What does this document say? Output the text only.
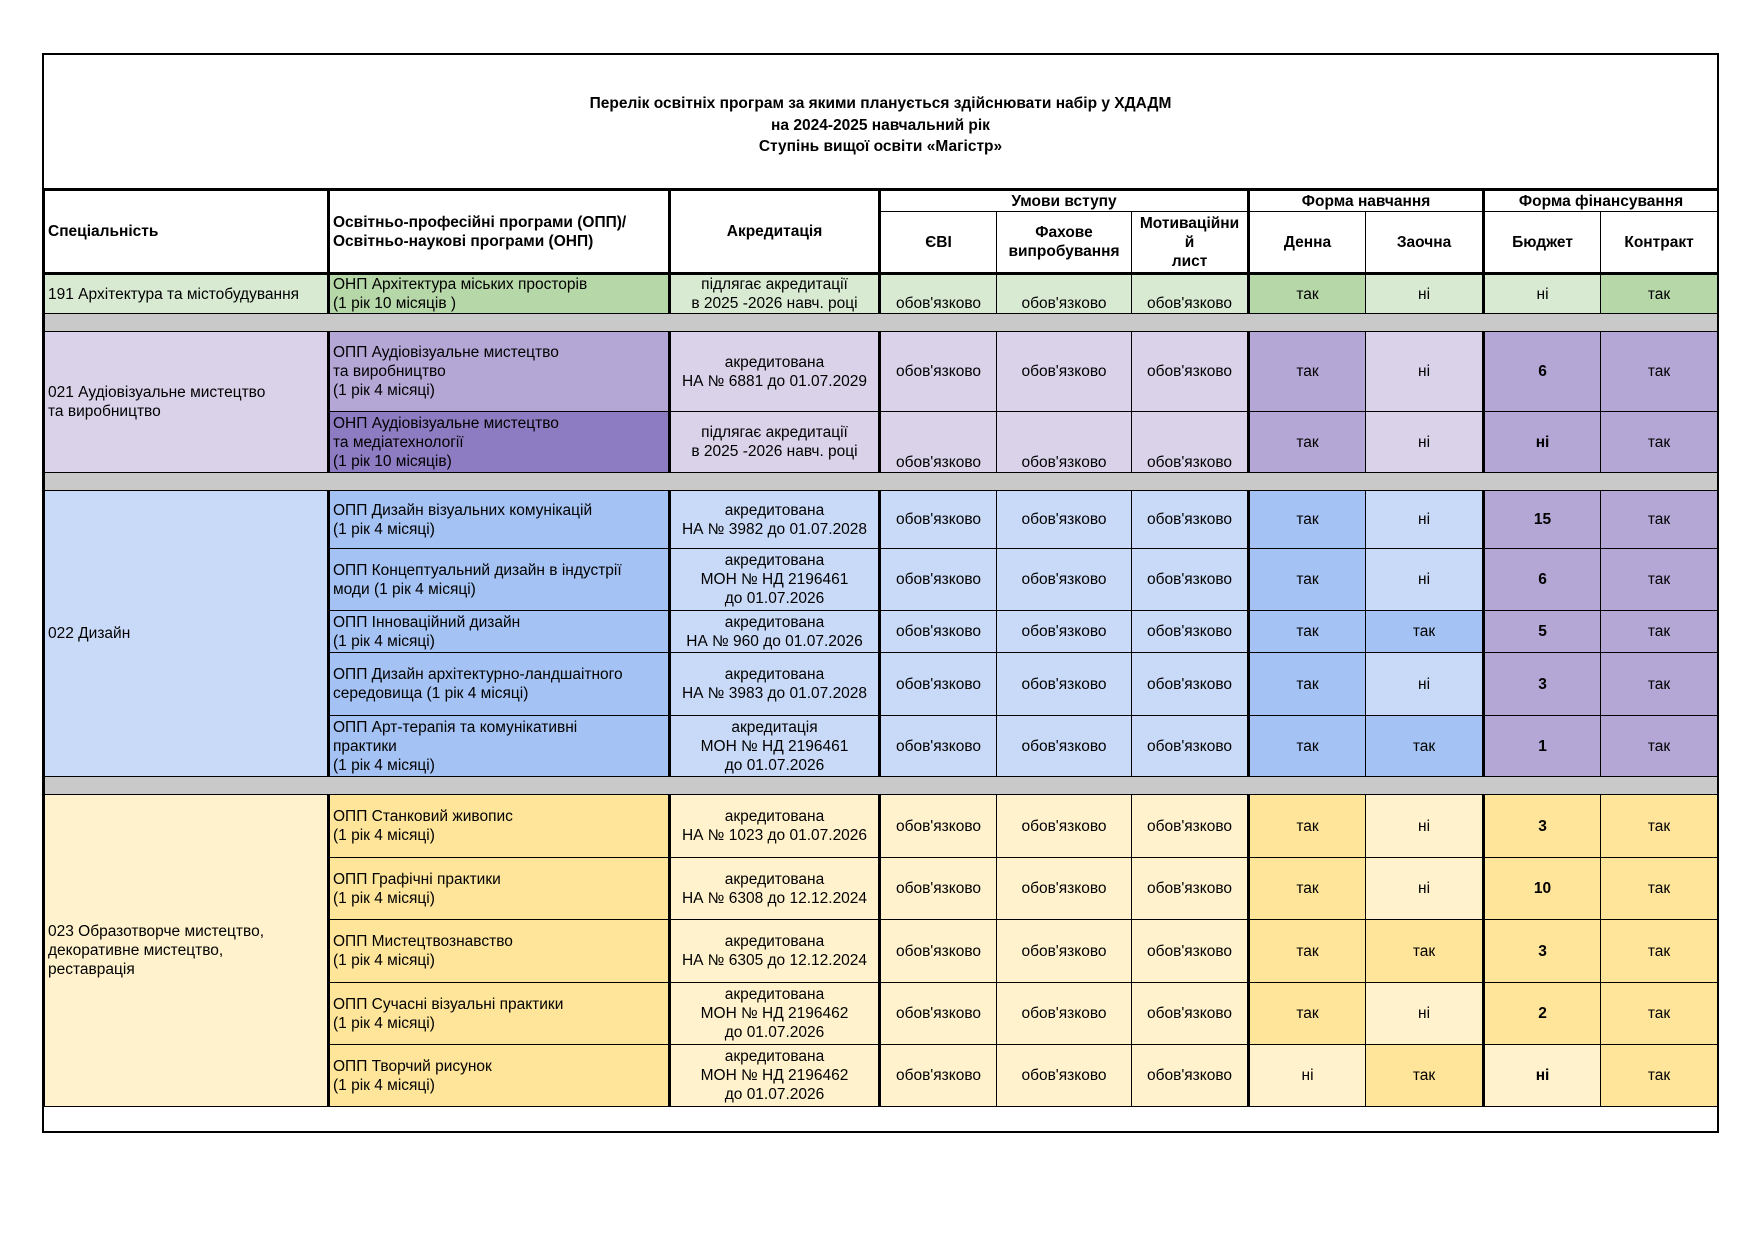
Перелік освітніх програм за якими планується здійснювати набір у ХДАДМ
на 2024-2025 навчальний рік
Ступінь вищої освіти «Магістр»
Спеціальність	Освітньо-професійні програми (ОПП)/
Освітньо-наукові програми (ОНП)	Акредитація	Умови вступу			Форма навчання		Форма фінансування	
			ЄВІ	Фахове
випробування	Мотиваційни
й
лист	Денна	Заочна	Бюджет	Контракт
191 Архітектура та містобудування	ОНП Архітектура міських просторів
(1 рік 10 місяців )	підлягає акредитації
в 2025 -2026 навч. році	обов'язково	обов'язково	обов'язково	так	ні	ні	так

021 Аудіовізуальне мистецтво
та виробництво	ОПП Аудіовізуальне мистецтво
та виробництво
(1 рік 4 місяці)	акредитована
НА № 6881 до 01.07.2029	обов'язково	обов'язково	обов'язково	так	ні	6	так
	ОНП Аудіовізуальне мистецтво
та медіатехнології
(1 рік 10 місяців)	підлягає акредитації
в 2025 -2026 навч. році	обов'язково	обов'язково	обов'язково	так	ні	ні	так

022 Дизайн	ОПП Дизайн візуальних комунікацій
(1 рік 4 місяці)	акредитована
НА № 3982 до 01.07.2028	обов'язково	обов'язково	обов'язково	так	ні	15	так
	ОПП Концептуальний дизайн в індустрії
моди (1 рік 4 місяці)	акредитована
МОН № НД 2196461
до 01.07.2026	обов'язково	обов'язково	обов'язково	так	ні	6	так
	ОПП Інноваційний дизайн
(1 рік 4 місяці)	акредитована
НА № 960 до 01.07.2026	обов'язково	обов'язково	обов'язково	так	так	5	так
	ОПП Дизайн архітектурно-ландшаітного
середовища (1 рік 4 місяці)	акредитована
НА № 3983 до 01.07.2028	обов'язково	обов'язково	обов'язково	так	ні	3	так
	ОПП Арт-терапія та комунікативні
практики
(1 рік 4 місяці)	акредитація
МОН № НД 2196461
до 01.07.2026	обов'язково	обов'язково	обов'язково	так	так	1	так

023 Образотворче мистецтво,
декоративне мистецтво,
реставрація	ОПП Станковий живопис
(1 рік 4 місяці)	акредитована
НА № 1023 до 01.07.2026	обов'язково	обов'язково	обов'язково	так	ні	3	так
	ОПП Графічні практики
(1 рік 4 місяці)	акредитована
НА № 6308 до 12.12.2024	обов'язково	обов'язково	обов'язково	так	ні	10	так
	ОПП Мистецтвознавство
(1 рік 4 місяці)	акредитована
НА № 6305 до 12.12.2024	обов'язково	обов'язково	обов'язково	так	так	3	так
	ОПП Сучасні візуальні практики
(1 рік 4 місяці)	акредитована
МОН № НД 2196462
до 01.07.2026	обов'язково	обов'язково	обов'язково	так	ні	2	так
	ОПП Творчий рисунок
(1 рік 4 місяці)	акредитована
МОН № НД 2196462
до 01.07.2026	обов'язково	обов'язково	обов'язково	ні	так	ні	так
